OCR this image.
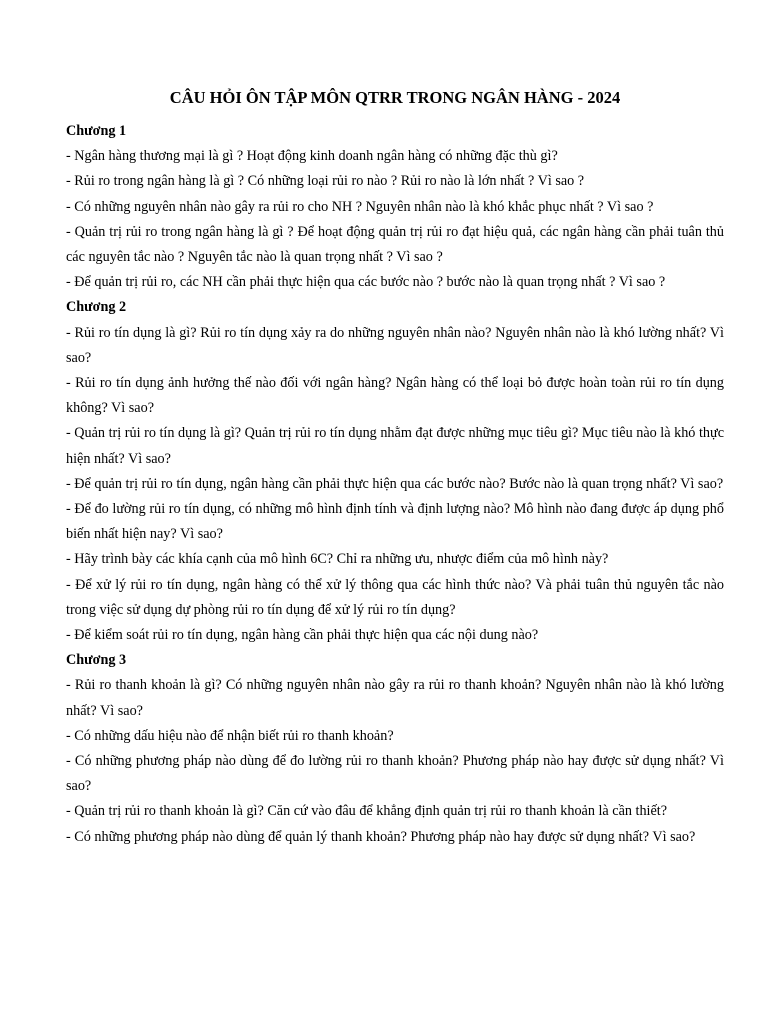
CÂU HỎI ÔN TẬP MÔN QTRR TRONG NGÂN HÀNG - 2024

Chương 1

- Ngân hàng thương mại là gì ? Hoạt động kinh doanh ngân hàng có những đặc thù gì?

- Rủi ro trong ngân hàng là gì ? Có những loại rủi ro nào ? Rủi ro nào là lớn nhất ? Vì sao ?

- Có những nguyên nhân nào gây ra rủi ro cho NH ? Nguyên nhân nào là khó khắc phục nhất ? Vì sao ?

- Quản trị rủi ro trong ngân hàng là gì ? Để hoạt động quản trị rủi ro đạt hiệu quả, các ngân hàng cần phải tuân thủ các nguyên tắc nào ? Nguyên tắc nào là quan trọng nhất ? Vì sao ?

- Để quản trị rủi ro, các NH cần phải thực hiện qua các bước nào ? bước nào là quan trọng nhất ? Vì sao ?

Chương 2

- Rủi ro tín dụng là gì? Rủi ro tín dụng xảy ra do những nguyên nhân nào? Nguyên nhân nào là khó lường nhất? Vì sao?

- Rủi ro tín dụng ảnh hưởng thế nào đối với ngân hàng? Ngân hàng có thể loại bỏ được hoàn toàn rủi ro tín dụng không? Vì sao?

- Quản trị rủi ro tín dụng là gì? Quản trị rủi ro tín dụng nhằm đạt được những mục tiêu gì? Mục tiêu nào là khó thực hiện nhất? Vì sao?

- Để quản trị rủi ro tín dụng, ngân hàng cần phải thực hiện qua các bước nào? Bước nào là quan trọng nhất? Vì sao?

- Để đo lường rủi ro tín dụng, có những mô hình định tính và định lượng nào? Mô hình nào đang được áp dụng phổ biến nhất hiện nay? Vì sao?

- Hãy trình bày các khía cạnh của mô hình 6C? Chỉ ra những ưu, nhược điểm của mô hình này?

- Để xử lý rủi ro tín dụng, ngân hàng có thể xử lý thông qua các hình thức nào? Và phải tuân thủ nguyên tắc nào trong việc sử dụng dự phòng rủi ro tín dụng để xử lý rủi ro tín dụng?

- Để kiểm soát rủi ro tín dụng, ngân hàng cần phải thực hiện qua các nội dung nào?

Chương 3

- Rủi ro thanh khoản là gì? Có những nguyên nhân nào gây ra rủi ro thanh khoản? Nguyên nhân nào là khó lường nhất? Vì sao?

- Có những dấu hiệu nào để nhận biết rủi ro thanh khoản?

- Có những phương pháp nào dùng để đo lường rủi ro thanh khoản? Phương pháp nào hay được sử dụng nhất? Vì sao?

- Quản trị rủi ro thanh khoản là gì? Căn cứ vào đâu để khẳng định quản trị rủi ro thanh khoản là cần thiết?

- Có những phương pháp nào dùng để quản lý thanh khoản? Phương pháp nào hay được sử dụng nhất? Vì sao?
